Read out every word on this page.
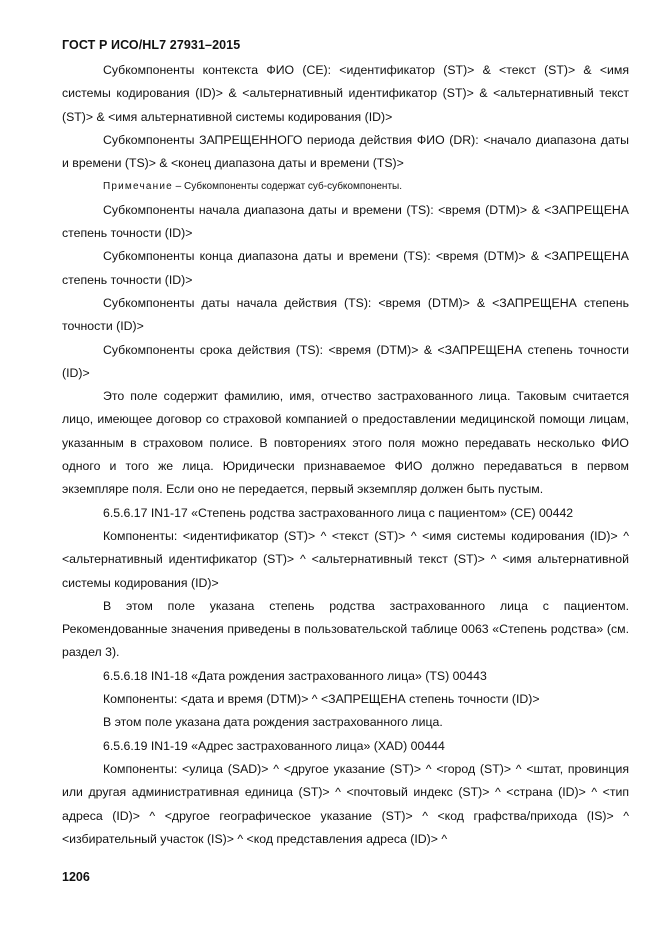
ГОСТ Р ИСО/HL7 27931–2015

Субкомпоненты контекста ФИО (CE): <идентификатор (ST)> & <текст (ST)> & <имя системы кодирования (ID)> & <альтернативный идентификатор (ST)> & <альтернативный текст (ST)> & <имя альтернативной системы кодирования (ID)>

Субкомпоненты ЗАПРЕЩЕННОГО периода действия ФИО (DR): <начало диапазона даты и времени (TS)> & <конец диапазона даты и времени (TS)>

Примечание – Субкомпоненты содержат суб-субкомпоненты.

Субкомпоненты начала диапазона даты и времени (TS): <время (DTM)> & <ЗАПРЕЩЕНА степень точности (ID)>

Субкомпоненты конца диапазона даты и времени (TS): <время (DTM)> & <ЗАПРЕЩЕНА степень точности (ID)>

Субкомпоненты даты начала действия (TS): <время (DTM)> & <ЗАПРЕЩЕНА степень точности (ID)>

Субкомпоненты срока действия (TS): <время (DTM)> & <ЗАПРЕЩЕНА степень точности (ID)>

Это поле содержит фамилию, имя, отчество застрахованного лица. Таковым считается лицо, имеющее договор со страховой компанией о предоставлении медицинской помощи лицам, указанным в страховом полисе. В повторениях этого поля можно передавать несколько ФИО одного и того же лица. Юридически признаваемое ФИО должно передаваться в первом экземпляре поля. Если оно не передается, первый экземпляр должен быть пустым.

6.5.6.17 IN1-17 «Степень родства застрахованного лица с пациентом» (CE) 00442

Компоненты: <идентификатор (ST)> ^ <текст (ST)> ^ <имя системы кодирования (ID)> ^ <альтернативный идентификатор (ST)> ^ <альтернативный текст (ST)> ^ <имя альтернативной системы кодирования (ID)>

В этом поле указана степень родства застрахованного лица с пациентом. Рекомендованные значения приведены в пользовательской таблице 0063 «Степень родства» (см. раздел 3).

6.5.6.18 IN1-18 «Дата рождения застрахованного лица» (TS) 00443

Компоненты: <дата и время (DTM)> ^ <ЗАПРЕЩЕНА степень точности (ID)>

В этом поле указана дата рождения застрахованного лица.

6.5.6.19 IN1-19 «Адрес застрахованного лица» (XAD) 00444

Компоненты: <улица (SAD)> ^ <другое указание (ST)> ^ <город (ST)> ^ <штат, провинция или другая административная единица (ST)> ^ <почтовый индекс (ST)> ^ <страна (ID)> ^ <тип адреса (ID)> ^ <другое географическое указание (ST)> ^ <код графства/прихода (IS)> ^ <избирательный участок (IS)> ^ <код представления адреса (ID)> ^

1206
